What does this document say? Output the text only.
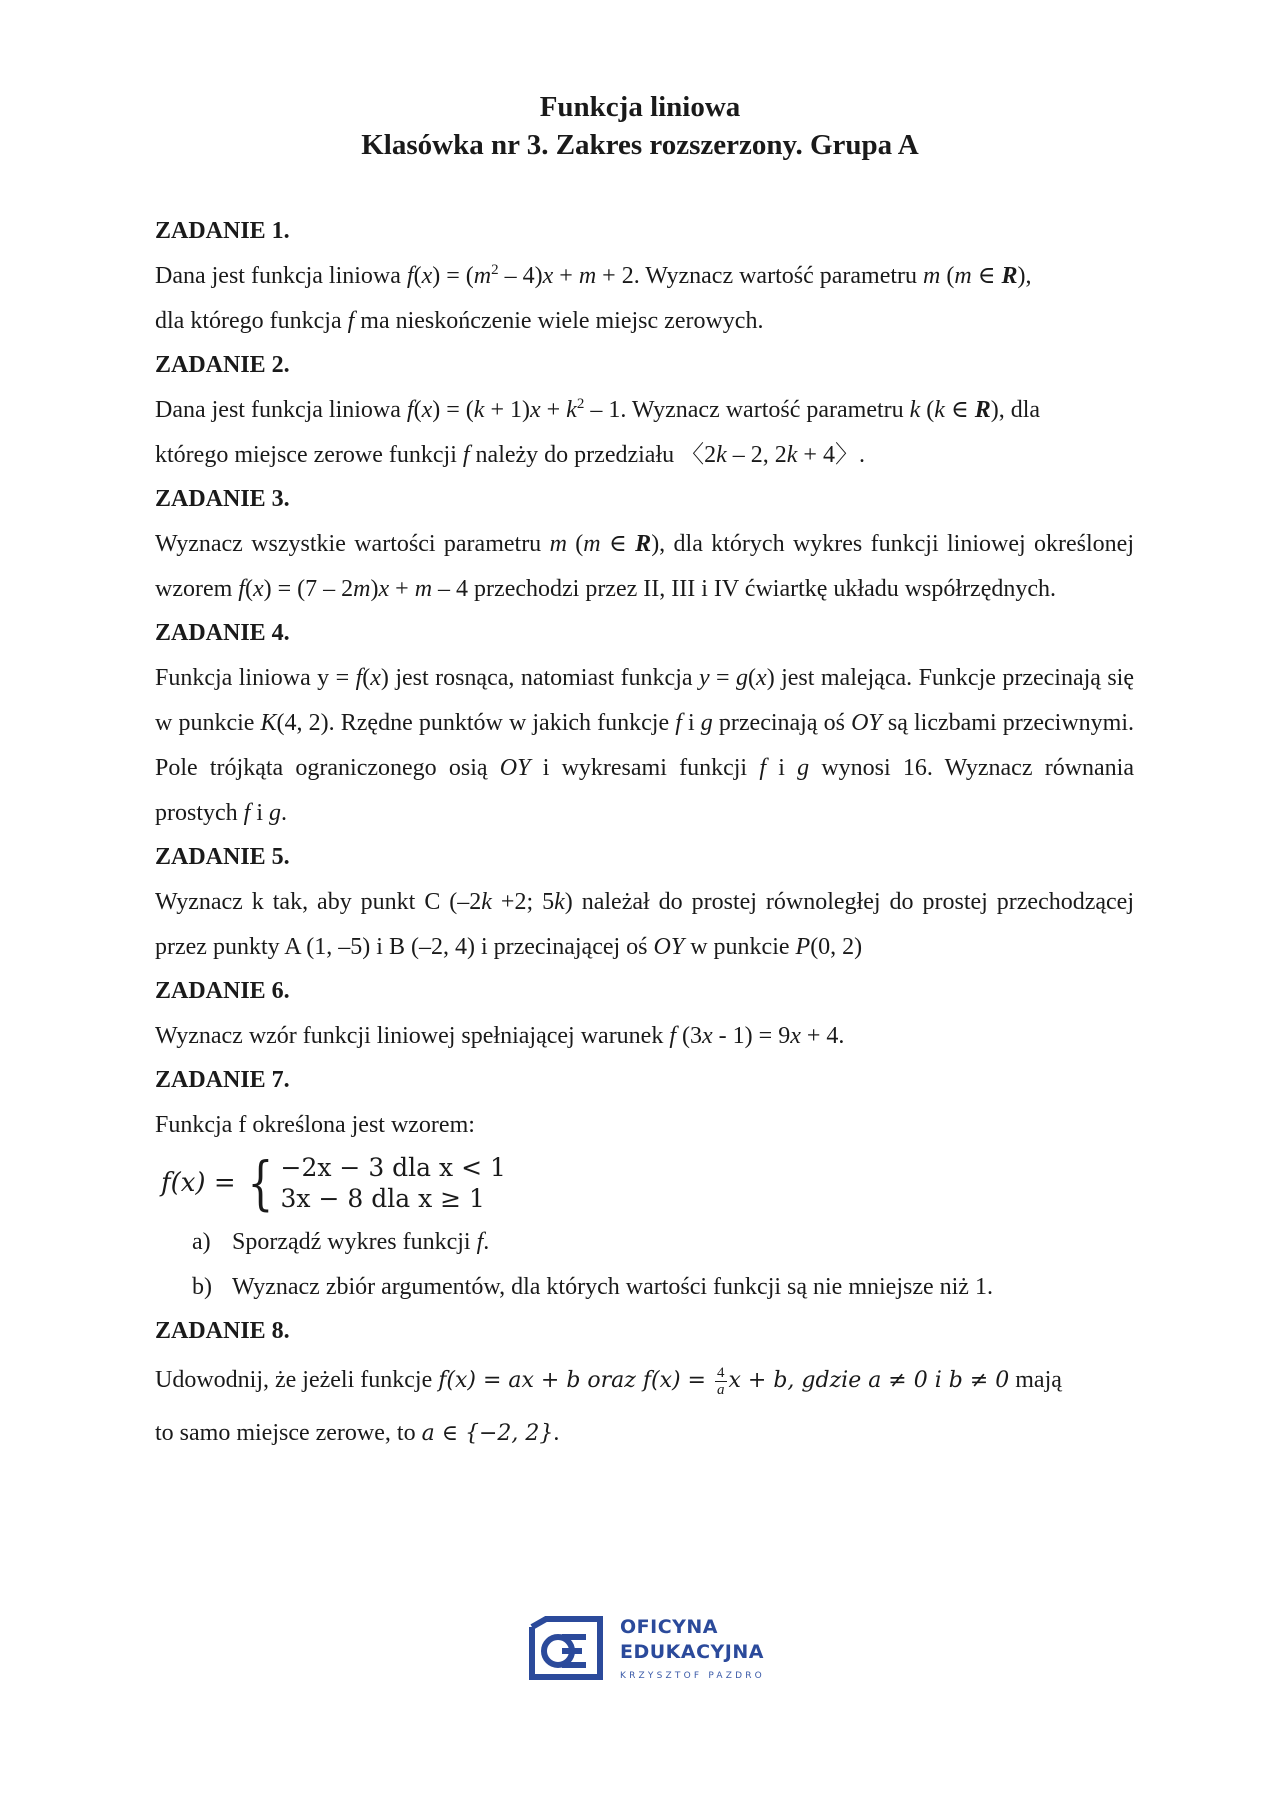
Funkcja liniowa
Klasówka nr 3. Zakres rozszerzony. Grupa A
ZADANIE 1.
Dana jest funkcja liniowa $f(x) = (m^2 - 4)x + m + 2$. Wyznacz wartość parametru m (m ∈ R),
dla którego funkcja f ma nieskończenie wiele miejsc zerowych.
ZADANIE 2.
Dana jest funkcja liniowa $f(x) = (k + 1)x + k^2 - 1$. Wyznacz wartość parametru k (k ∈ R), dla
którego miejsce zerowe funkcji f należy do przedziału 〈2k – 2, 2k + 4〉.
ZADANIE 3.
Wyznacz wszystkie wartości parametru m (m ∈ R), dla których wykres funkcji liniowej określonej wzorem f(x) = (7 – 2m)x + m – 4 przechodzi przez II, III i IV ćwiartkę układu współrzędnych.
ZADANIE 4.
Funkcja liniowa y = f(x) jest rosnąca, natomiast funkcja y = g(x) jest malejąca. Funkcje przecinają się w punkcie K(4, 2). Rzędne punktów w jakich funkcje f i g przecinają oś OY są liczbami przeciwnymi. Pole trójkąta ograniczonego osią OY i wykresami funkcji f i g wynosi 16. Wyznacz równania prostych f i g.
ZADANIE 5.
Wyznacz k tak, aby punkt C (–2k +2; 5k) należał do prostej równoległej do prostej przechodzącej przez punkty A (1, –5) i B (–2, 4) i przecinającej oś OY w punkcie P(0, 2)
ZADANIE 6.
Wyznacz wzór funkcji liniowej spełniającej warunek f (3x - 1) = 9x + 4.
ZADANIE 7.
Funkcja f określona jest wzorem:
f(x) = { −2x − 3 dla x < 1
3x − 8 dla x ≥ 1
a) Sporządź wykres funkcji f.
b) Wyznacz zbiór argumentów, dla których wartości funkcji są nie mniejsze niż 1.
ZADANIE 8.
Udowodnij, że jeżeli funkcje f(x) = ax + b oraz $f(x) = \frac{4}{a}$ x + b, gdzie a ≠ 0 i b ≠ 0 mają
to samo miejsce zerowe, to a ∈ {−2, 2}.
OFICYNA
EDUKACYJNA
KRZYSZTOF PAZDRO
